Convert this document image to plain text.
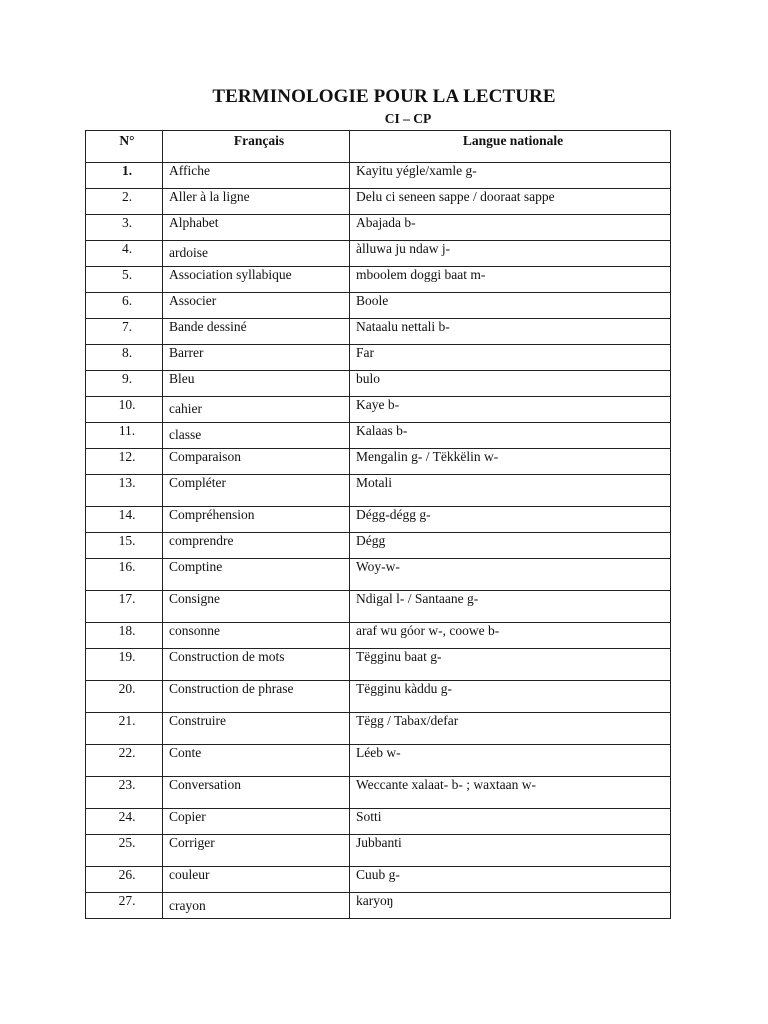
TERMINOLOGIE POUR LA LECTURE
CI – CP
N°	Français	Langue nationale
1.	Affiche	Kayitu yégle/xamle g-
2.	Aller à la ligne	Delu ci seneen sappe / dooraat sappe
3.	Alphabet	Abajada b-
4.	ardoise	àlluwa ju ndaw j-
5.	Association syllabique	mboolem doggi baat m-
6.	Associer	Boole
7.	Bande dessiné	Nataalu nettali b-
8.	Barrer	Far
9.	Bleu	bulo
10.	cahier	Kaye b-
11.	classe	Kalaas b-
12.	Comparaison	Mengalin g- / Tëkkëlin w-
13.	Compléter	Motali
14.	Compréhension	Dégg-dégg g-
15.	comprendre	Dégg
16.	Comptine	Woy-w-
17.	Consigne	Ndigal l- / Santaane g-
18.	consonne	araf wu góor w-, coowe b-
19.	Construction de mots	Tëgginu baat g-
20.	Construction de phrase	Tëgginu kàddu g-
21.	Construire	Tëgg / Tabax/defar
22.	Conte	Léeb w-
23.	Conversation	Weccante xalaat- b- ; waxtaan w-
24.	Copier	Sotti
25.	Corriger	Jubbanti
26.	couleur	Cuub g-
27.	crayon	karyoŋ
